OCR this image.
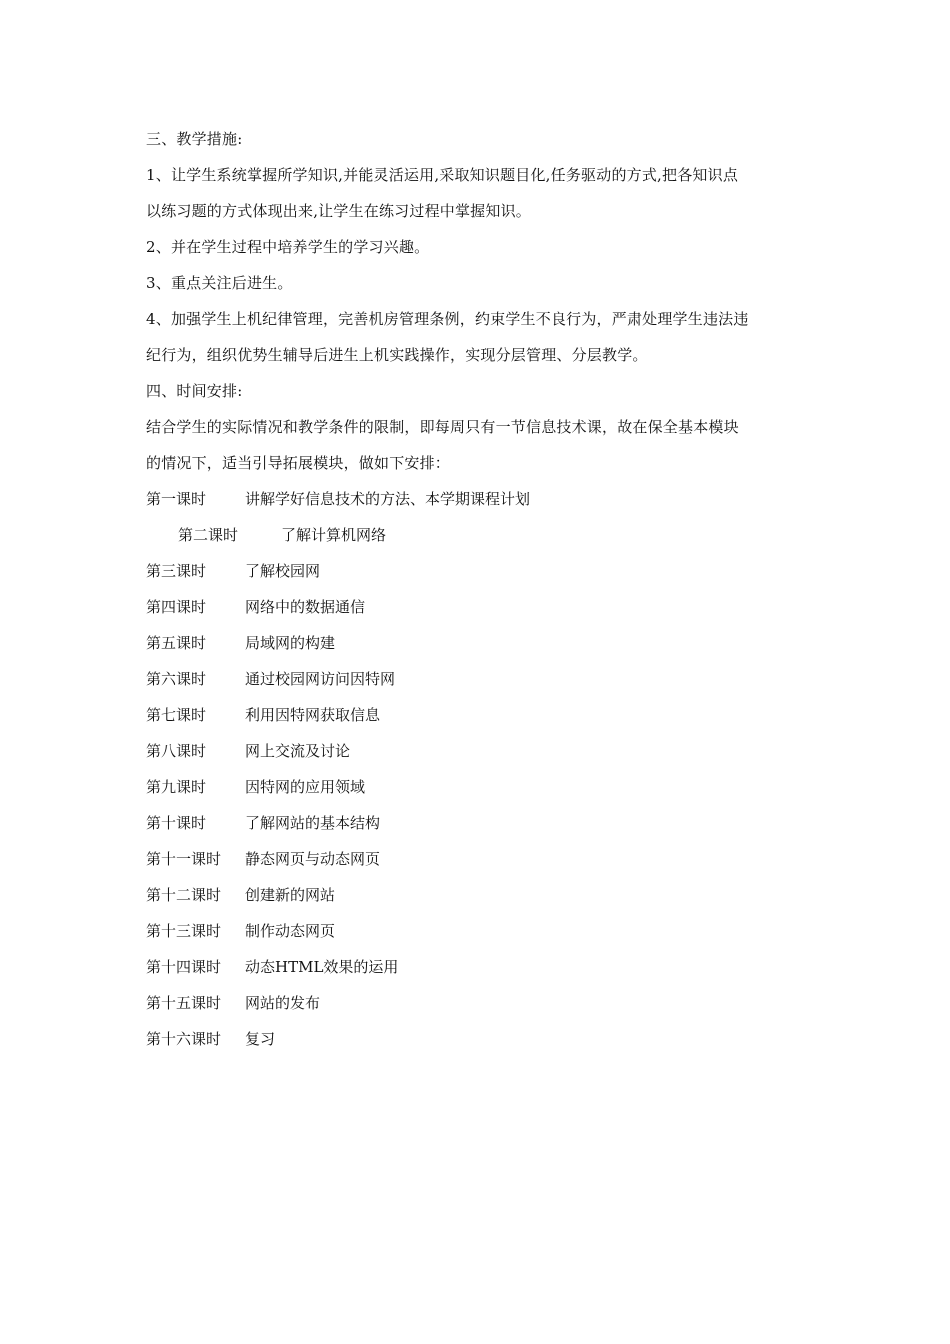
三、教学措施:
1、让学生系统掌握所学知识,并能灵活运用,采取知识题目化,任务驱动的方式,把各知识点
以练习题的方式体现出来,让学生在练习过程中掌握知识。
2、并在学生过程中培养学生的学习兴趣。
3、重点关注后进生。
4、加强学生上机纪律管理，完善机房管理条例，约束学生不良行为，严肃处理学生违法违
纪行为，组织优势生辅导后进生上机实践操作，实现分层管理、分层教学。
四、时间安排:
结合学生的实际情况和教学条件的限制，即每周只有一节信息技术课，故在保全基本模块
的情况下，适当引导拓展模块，做如下安排：
第一课时	讲解学好信息技术的方法、本学期课程计划
第二课时	了解计算机网络
第三课时	了解校园网
第四课时	网络中的数据通信
第五课时	局域网的构建
第六课时	通过校园网访问因特网
第七课时	利用因特网获取信息
第八课时	网上交流及讨论
第九课时	因特网的应用领域
第十课时	了解网站的基本结构
第十一课时 静态网页与动态网页
第十二课时 创建新的网站
第十三课时 制作动态网页
第十四课时 动态HTML效果的运用
第十五课时 网站的发布
第十六课时 复习
